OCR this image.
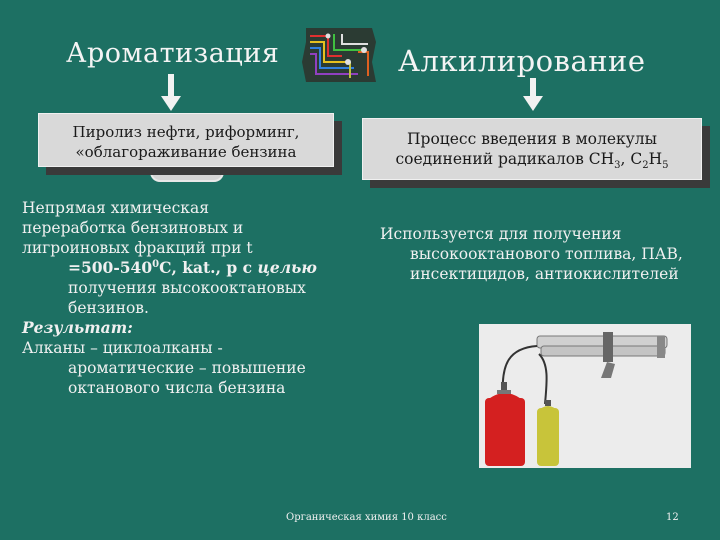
Ароматизация	Алкилирование
Пиролиз нефти, риформинг,
«облагораживание бензина
Процесс введения в молекулы
соединений радикалов $СН_3$, $С_2Н_5$
Непрямая химическая
переработка бензиновых и
лигроиновых фракций при t
$=500-540^0С$, kat., p с целью
получения высокооктановых
бензинов.
Результат:
Алканы – циклоалканы -
ароматические – повышение
октанового числа бензина
Используется для получения
высокооктанового топлива, ПАВ,
инсектицидов, антиокислителей
Органическая химия 10 класс	12
